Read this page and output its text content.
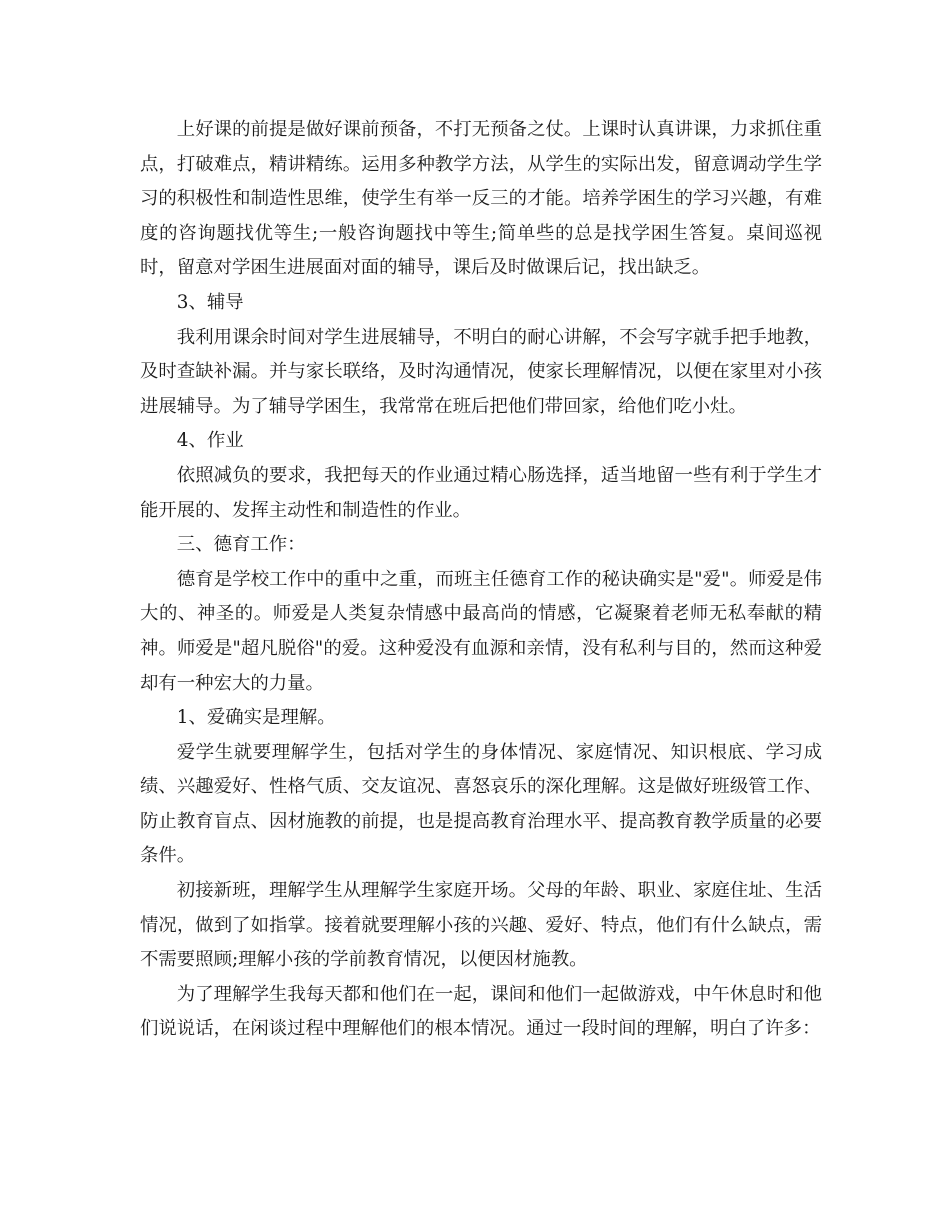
上好课的前提是做好课前预备，不打无预备之仗。上课时认真讲课，力求抓住重点，打破难点，精讲精练。运用多种教学方法，从学生的实际出发，留意调动学生学习的积极性和制造性思维，使学生有举一反三的才能。培养学困生的学习兴趣，有难度的咨询题找优等生;一般咨询题找中等生;简单些的总是找学困生答复。桌间巡视时，留意对学困生进展面对面的辅导，课后及时做课后记，找出缺乏。

3、辅导

我利用课余时间对学生进展辅导，不明白的耐心讲解，不会写字就手把手地教，及时查缺补漏。并与家长联络，及时沟通情况，使家长理解情况，以便在家里对小孩进展辅导。为了辅导学困生，我常常在班后把他们带回家，给他们吃小灶。

4、作业

依照减负的要求，我把每天的作业通过精心肠选择，适当地留一些有利于学生才能开展的、发挥主动性和制造性的作业。

三、德育工作：

德育是学校工作中的重中之重，而班主任德育工作的秘诀确实是"爱"。师爱是伟大的、神圣的。师爱是人类复杂情感中最高尚的情感，它凝聚着老师无私奉献的精神。师爱是"超凡脱俗"的爱。这种爱没有血源和亲情，没有私利与目的，然而这种爱却有一种宏大的力量。

1、爱确实是理解。

爱学生就要理解学生，包括对学生的身体情况、家庭情况、知识根底、学习成绩、兴趣爱好、性格气质、交友谊况、喜怒哀乐的深化理解。这是做好班级管工作、防止教育盲点、因材施教的前提，也是提高教育治理水平、提高教育教学质量的必要条件。

初接新班，理解学生从理解学生家庭开场。父母的年龄、职业、家庭住址、生活情况，做到了如指掌。接着就要理解小孩的兴趣、爱好、特点，他们有什么缺点，需不需要照顾;理解小孩的学前教育情况，以便因材施教。

为了理解学生我每天都和他们在一起，课间和他们一起做游戏，中午休息时和他们说说话，在闲谈过程中理解他们的根本情况。通过一段时间的理解，明白了许多：
